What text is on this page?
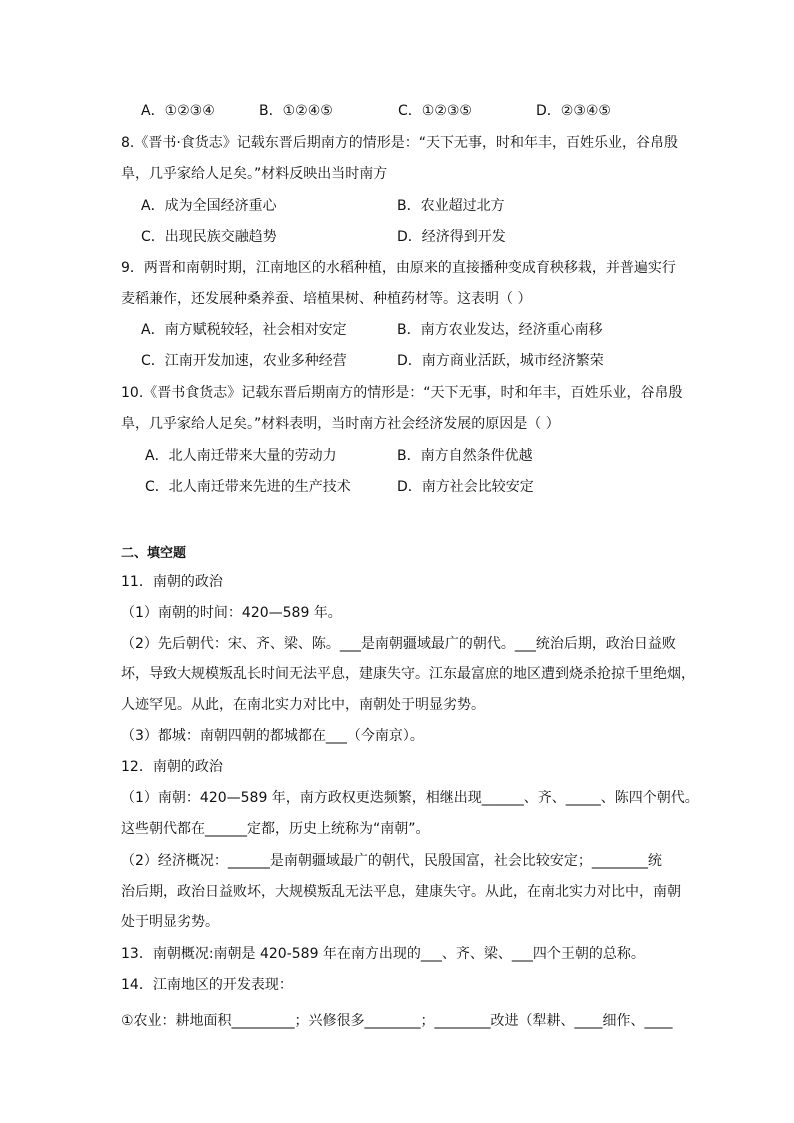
A．①②③④	B．①②④⑤	C．①②③⑤	D．②③④⑤
8.《晋书·食货志》记载东晋后期南方的情形是：“天下无事，时和年丰，百姓乐业，谷帛殷
阜，几乎家给人足矣。”材料反映出当时南方
A．成为全国经济重心	B．农业超过北方
C．出现民族交融趋势	D．经济得到开发
9．两晋和南朝时期，江南地区的水稻种植，由原来的直接播种变成育秧移栽，并普遍实行
麦稻兼作，还发展种桑养蚕、培植果树、种植药材等。这表明（ ）
A．南方赋税较轻，社会相对安定	B．南方农业发达，经济重心南移
C．江南开发加速，农业多种经营	D．南方商业活跃，城市经济繁荣
10.《晋书食货志》记载东晋后期南方的情形是：“天下无事，时和年丰，百姓乐业，谷帛殷
阜，几乎家给人足矣。”材料表明，当时南方社会经济发展的原因是（ ）
A．北人南迁带来大量的劳动力	B．南方自然条件优越
C．北人南迁带来先进的生产技术	D．南方社会比较安定
二、填空题
11．南朝的政治
（1）南朝的时间：420—589 年。
（2）先后朝代：宋、齐、梁、陈。___是南朝疆域最广的朝代。___统治后期，政治日益败
坏，导致大规模叛乱长时间无法平息，建康失守。江东最富庶的地区遭到烧杀抢掠千里绝烟，
人迹罕见。从此，在南北实力对比中，南朝处于明显劣势。
（3）都城：南朝四朝的都城都在___（今南京）。
12．南朝的政治
（1）南朝：420—589 年，南方政权更迭频繁，相继出现______、齐、_____、陈四个朝代。
这些朝代都在______定都，历史上统称为“南朝”。
（2）经济概况：______是南朝疆域最广的朝代，民殷国富，社会比较安定；________统
治后期，政治日益败坏，大规模叛乱无法平息，建康失守。从此，在南北实力对比中，南朝
处于明显劣势。
13．南朝概况:南朝是 420-589 年在南方出现的___、齐、梁、___四个王朝的总称。
14．江南地区的开发表现：
①农业：耕地面积_________；兴修很多________；________改进（犁耕、____细作、____
